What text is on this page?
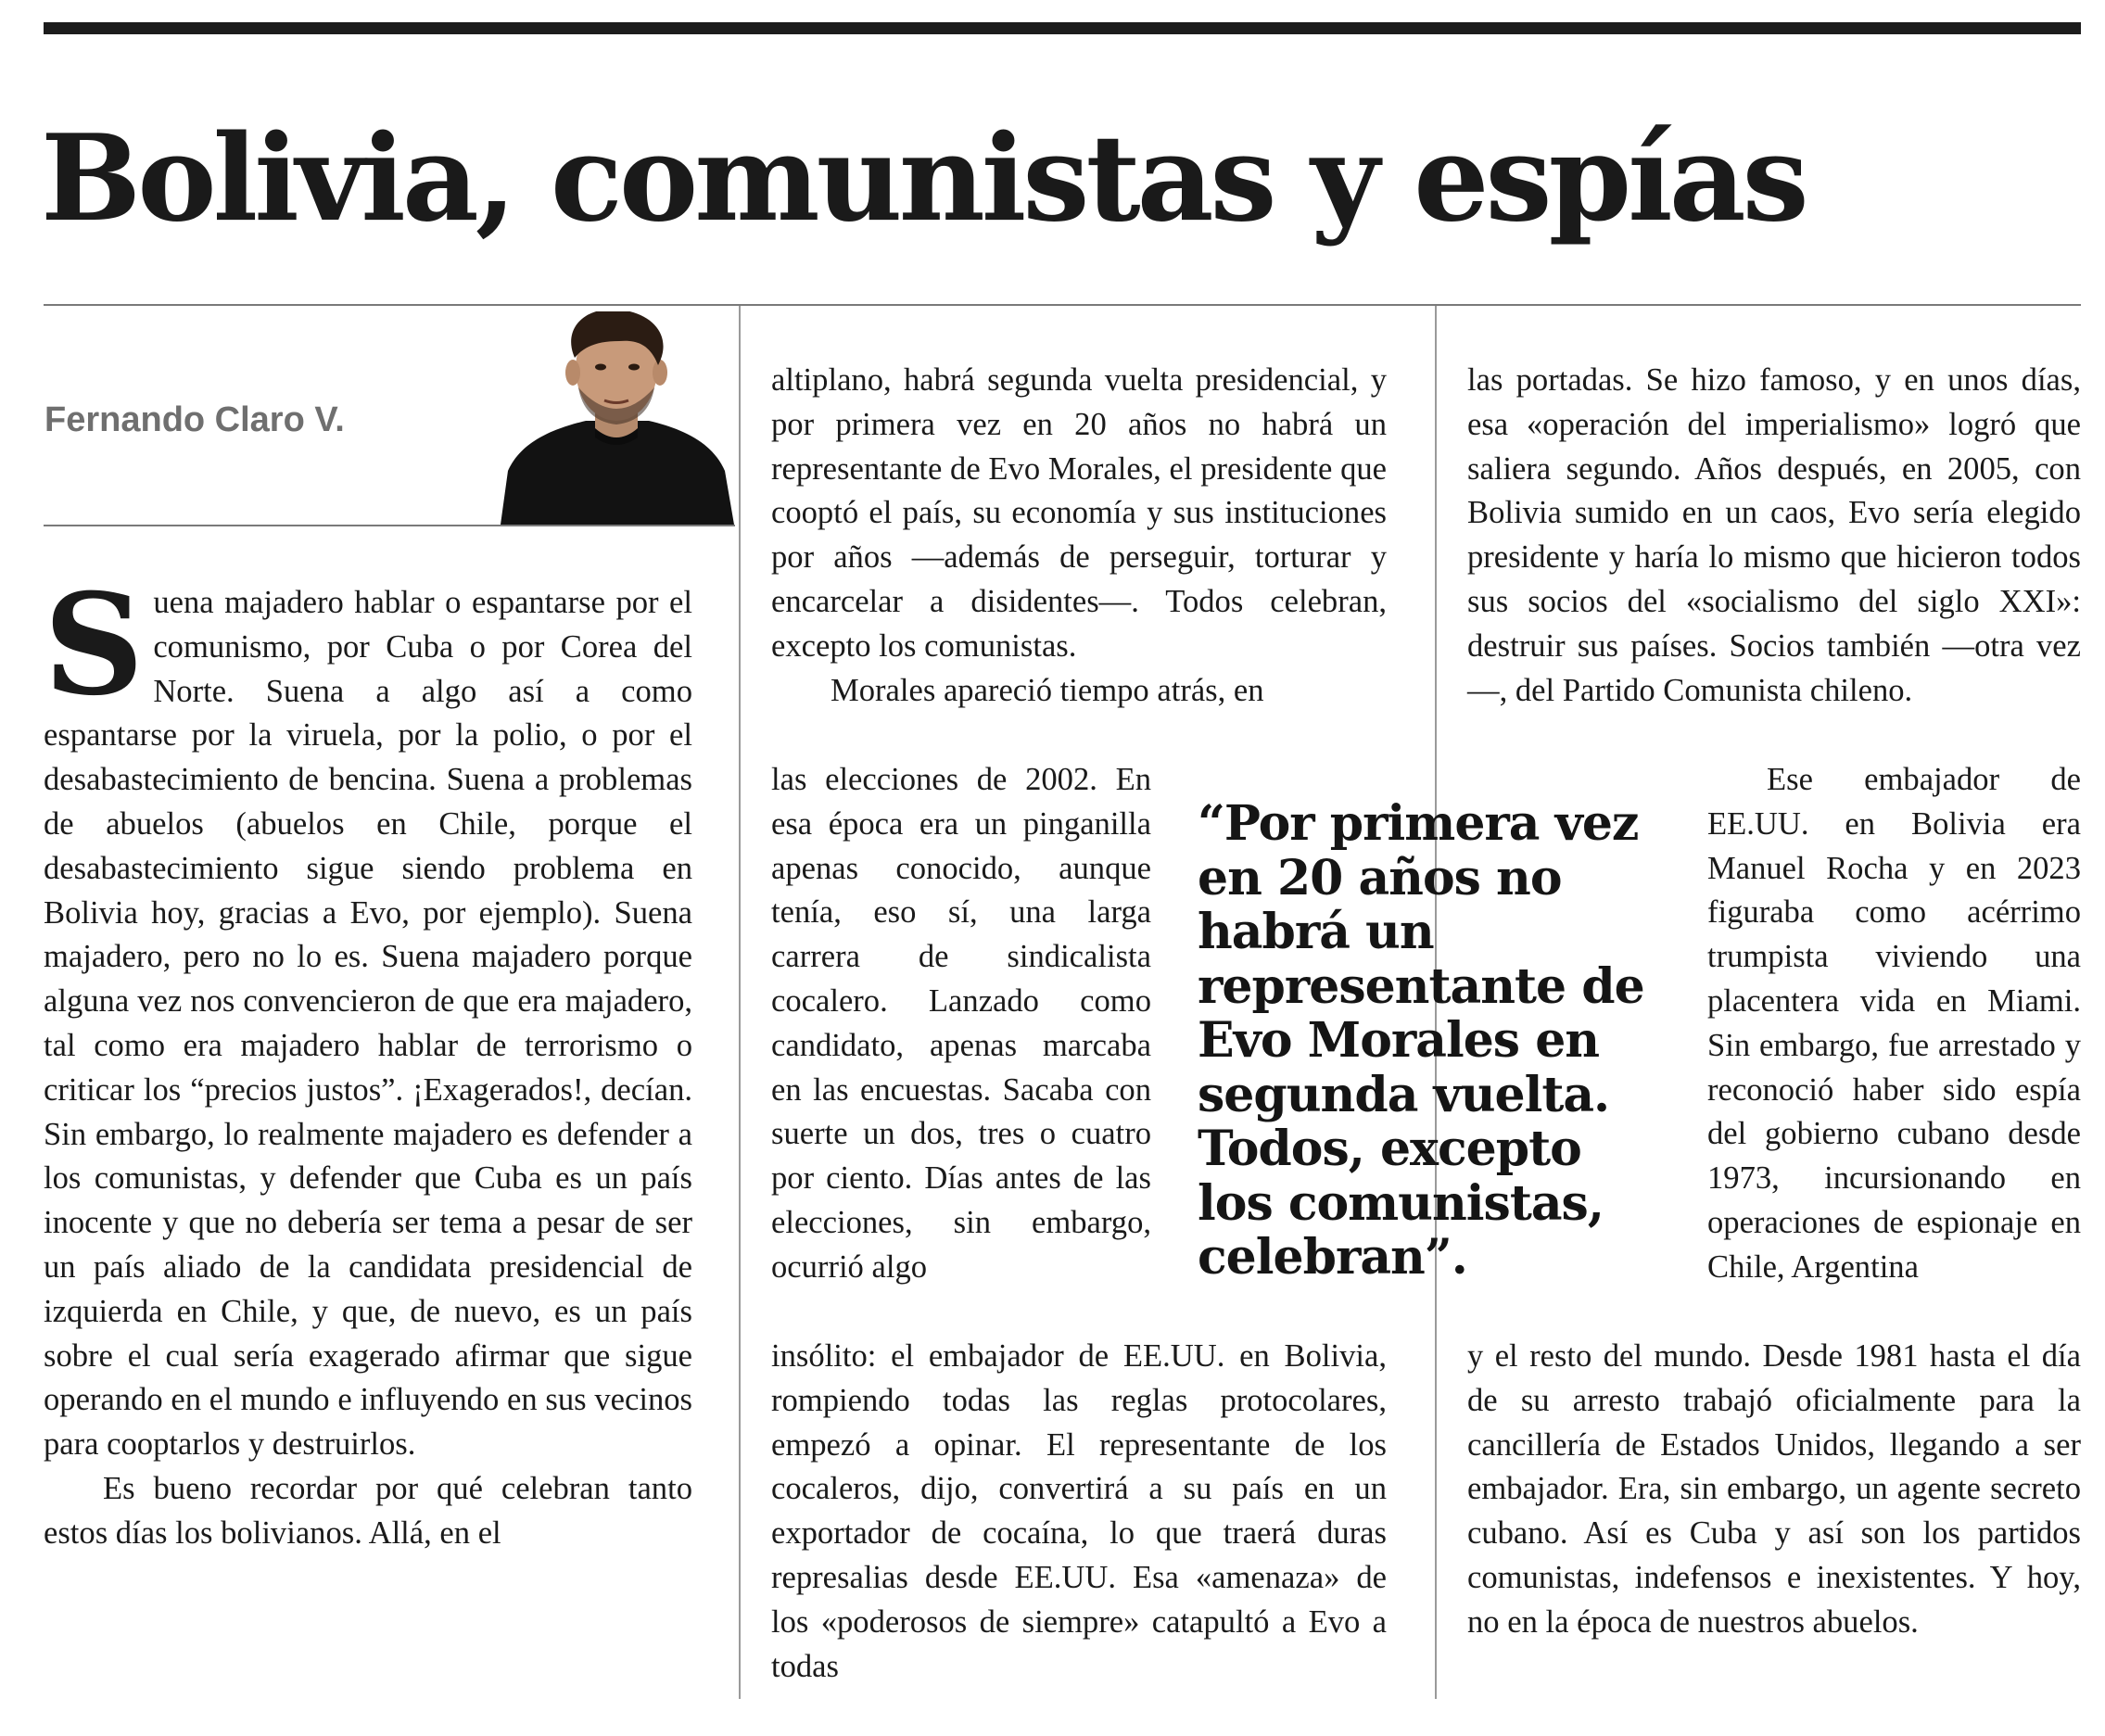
Bolivia, comunistas y espías
Fernando Claro V.

Suena majadero hablar o espantarse por el comunismo, por Cuba o por Corea del Norte. Suena a algo así a como espantarse por la viruela, por la polio, o por el desabastecimiento de bencina. Suena a problemas de abuelos (abuelos en Chile, porque el desabastecimiento sigue siendo problema en Bolivia hoy, gracias a Evo, por ejemplo). Suena majadero, pero no lo es. Suena majadero porque alguna vez nos convencieron de que era majadero, tal como era majadero hablar de terrorismo o criticar los “precios justos”. ¡Exagerados!, decían. Sin embargo, lo realmente majadero es defender a los comunistas, y defender que Cuba es un país inocente y que no debería ser tema a pesar de ser un país aliado de la candidata presidencial de izquierda en Chile, y que, de nuevo, es un país sobre el cual sería exagerado afirmar que sigue operando en el mundo e influyendo en sus vecinos para cooptarlos y destruirlos.

Es bueno recordar por qué celebran tanto estos días los bolivianos. Allá, en el

altiplano, habrá segunda vuelta presidencial, y por primera vez en 20 años no habrá un representante de Evo Morales, el presidente que cooptó el país, su economía y sus instituciones por años —además de perseguir, torturar y encarcelar a disidentes—. Todos celebran, excepto los comunistas.

Morales apareció tiempo atrás, en

las elecciones de 2002. En esa época era un pinganilla apenas conocido, aunque tenía, eso sí, una larga carrera de sindicalista cocalero. Lanzado como candidato, apenas marcaba en las encuestas. Sacaba con suerte un dos, tres o cuatro por ciento. Días antes de las elecciones, sin embargo, ocurrió algo

insólito: el embajador de EE.UU. en Bolivia, rompiendo todas las reglas protocolares, empezó a opinar. El representante de los cocaleros, dijo, convertirá a su país en un exportador de cocaína, lo que traerá duras represalias desde EE.UU. Esa «amenaza» de los «poderosos de siempre» catapultó a Evo a todas

las portadas. Se hizo famoso, y en unos días, esa «operación del imperialismo» logró que saliera segundo. Años después, en 2005, con Bolivia sumido en un caos, Evo sería elegido presidente y haría lo mismo que hicieron todos sus socios del «socialismo del siglo XXI»: destruir sus países. Socios también —otra vez—, del Partido Comunista chileno.

Ese embajador de EE.UU. en Bolivia era Manuel Rocha y en 2023 figuraba como acérrimo trumpista viviendo una placentera vida en Miami. Sin embargo, fue arrestado y reconoció haber sido espía del gobierno cubano desde 1973, incursionando en operaciones de espionaje en Chile, Argentina

y el resto del mundo. Desde 1981 hasta el día de su arresto trabajó oficialmente para la cancillería de Estados Unidos, llegando a ser embajador. Era, sin embargo, un agente secreto cubano. Así es Cuba y así son los partidos comunistas, indefensos e inexistentes. Y hoy, no en la época de nuestros abuelos.

“Por primera vez en 20 años no habrá un representante de Evo Morales en segunda vuelta. Todos, excepto los comunistas, celebran”.
